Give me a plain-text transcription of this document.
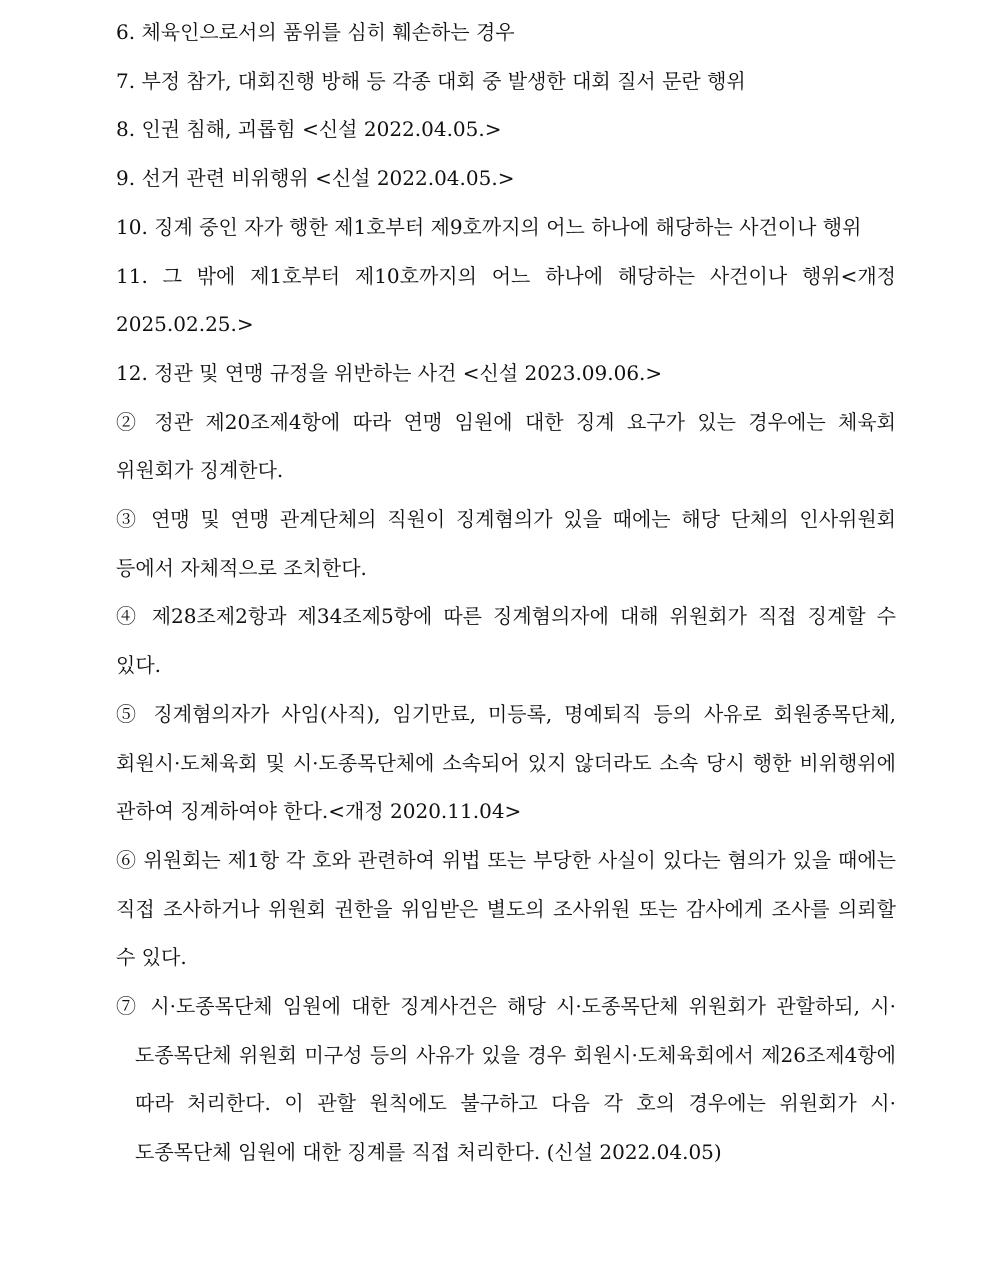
6. 체육인으로서의 품위를 심히 훼손하는 경우

7. 부정 참가, 대회진행 방해 등 각종 대회 중 발생한 대회 질서 문란 행위

8. 인권 침해, 괴롭힘 <신설 2022.04.05.>

9. 선거 관련 비위행위 <신설 2022.04.05.>

10. 징계 중인 자가 행한 제1호부터 제9호까지의 어느 하나에 해당하는 사건이나 행위

11. 그 밖에 제1호부터 제10호까지의 어느 하나에 해당하는 사건이나 행위<개정 2025.02.25.>

12. 정관 및 연맹 규정을 위반하는 사건 <신설 2023.09.06.>

② 정관 제20조제4항에 따라 연맹 임원에 대한 징계 요구가 있는 경우에는 체육회 위원회가 징계한다.

③ 연맹 및 연맹 관계단체의 직원이 징계혐의가 있을 때에는 해당 단체의 인사위원회 등에서 자체적으로 조치한다.

④ 제28조제2항과 제34조제5항에 따른 징계혐의자에 대해 위원회가 직접 징계할 수 있다.

⑤ 징계혐의자가 사임(사직), 임기만료, 미등록, 명예퇴직 등의 사유로 회원종목단체, 회원시·도체육회 및 시·도종목단체에 소속되어 있지 않더라도 소속 당시 행한 비위행위에 관하여 징계하여야 한다.<개정 2020.11.04>

⑥ 위원회는 제1항 각 호와 관련하여 위법 또는 부당한 사실이 있다는 혐의가 있을 때에는 직접 조사하거나 위원회 권한을 위임받은 별도의 조사위원 또는 감사에게 조사를 의뢰할 수 있다.

⑦ 시·도종목단체 임원에 대한 징계사건은 해당 시·도종목단체 위원회가 관할하되, 시·도종목단체 위원회 미구성 등의 사유가 있을 경우 회원시·도체육회에서 제26조제4항에 따라 처리한다. 이 관할 원칙에도 불구하고 다음 각 호의 경우에는 위원회가 시·도종목단체 임원에 대한 징계를 직접 처리한다. (신설 2022.04.05)
